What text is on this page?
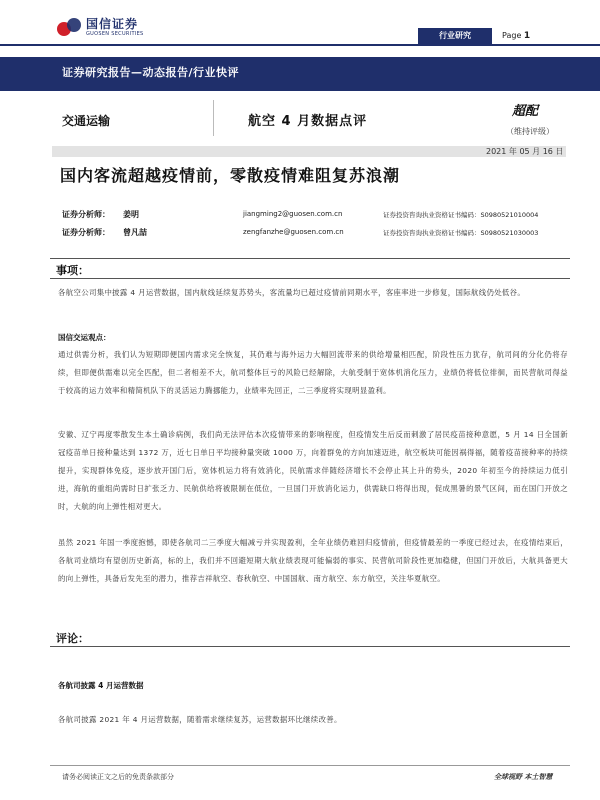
国信证券
GUOSEN SECURITIES	行业研究	Page 1
证券研究报告—动态报告/行业快评
交通运输	航空 4 月数据点评
超配
（维持评级）
2021 年 05 月 16 日
国内客流超越疫情前，零散疫情难阻复苏浪潮
证券分析师： 姜明	jiangming2@guosen.com.cn	证券投资咨询执业资格证书编码：S0980521010004
证券分析师： 曾凡喆	zengfanzhe@guosen.com.cn	证券投资咨询执业资格证书编码：S0980521030003
事项：
各航空公司集中披露 4 月运营数据，国内航线延续复苏势头，客流量均已超过疫情前同期水平，客座率进一步修复，国际航线仍处低谷。
国信交运观点：
通过供需分析，我们认为短期即便国内需求完全恢复，其仍难与海外运力大幅回流带来的供给增量相匹配，阶段性压力犹存，航司间的分化仍将存续，但即便供需难以完全匹配，但二者相差不大，航司整体巨亏的风险已经解除，大航受制于宽体机消化压力，业绩仍将低位徘徊，而民营航司得益于较高的运力效率和精简机队下的灵活运力腾挪能力，业绩率先回正，二三季度将实现明显盈利。
安徽、辽宁再度零散发生本土确诊病例，我们尚无法评估本次疫情带来的影响程度，但疫情发生后反而刺激了居民疫苗接种意愿，5 月 14 日全国新冠疫苗单日接种量达到 1372 万，近七日单日平均接种量突破 1000 万，向着群免的方向加速迈进，航空板块可能因祸得福，随着疫苗接种率的持续提升，实现群体免疫，逐步放开国门后，宽体机运力将有效消化，民航需求伴随经济增长不会停止其上升的势头，2020 年初至今的持续运力低引进，海航的重组尚需时日扩张乏力、民航供给将被限制在低位，一旦国门开放消化运力，供需缺口将得出现，促成黑暑的景气区间，而在国门开放之时，大航的向上弹性相对更大。
虽然 2021 年国一季度抱憾，即使各航司二三季度大幅减亏并实现盈利，全年业绩仍难回归疫情前，但疫情最差的一季度已经过去，在疫情结束后，各航司业绩均有望创历史新高，标的上，我们并不回避短期大航业绩表现可能偏弱的事实、民营航司阶段性更加稳健，但国门开放后，大航具备更大的向上弹性，具备后发先至的潜力，推荐吉祥航空、春秋航空、中国国航、南方航空、东方航空，关注华夏航空。
评论：
各航司披露 4 月运营数据
各航司披露 2021 年 4 月运营数据，随着需求继续复苏，运营数据环比继续改善。
请务必阅读正文之后的免责条款部分	全球视野 本土智慧
